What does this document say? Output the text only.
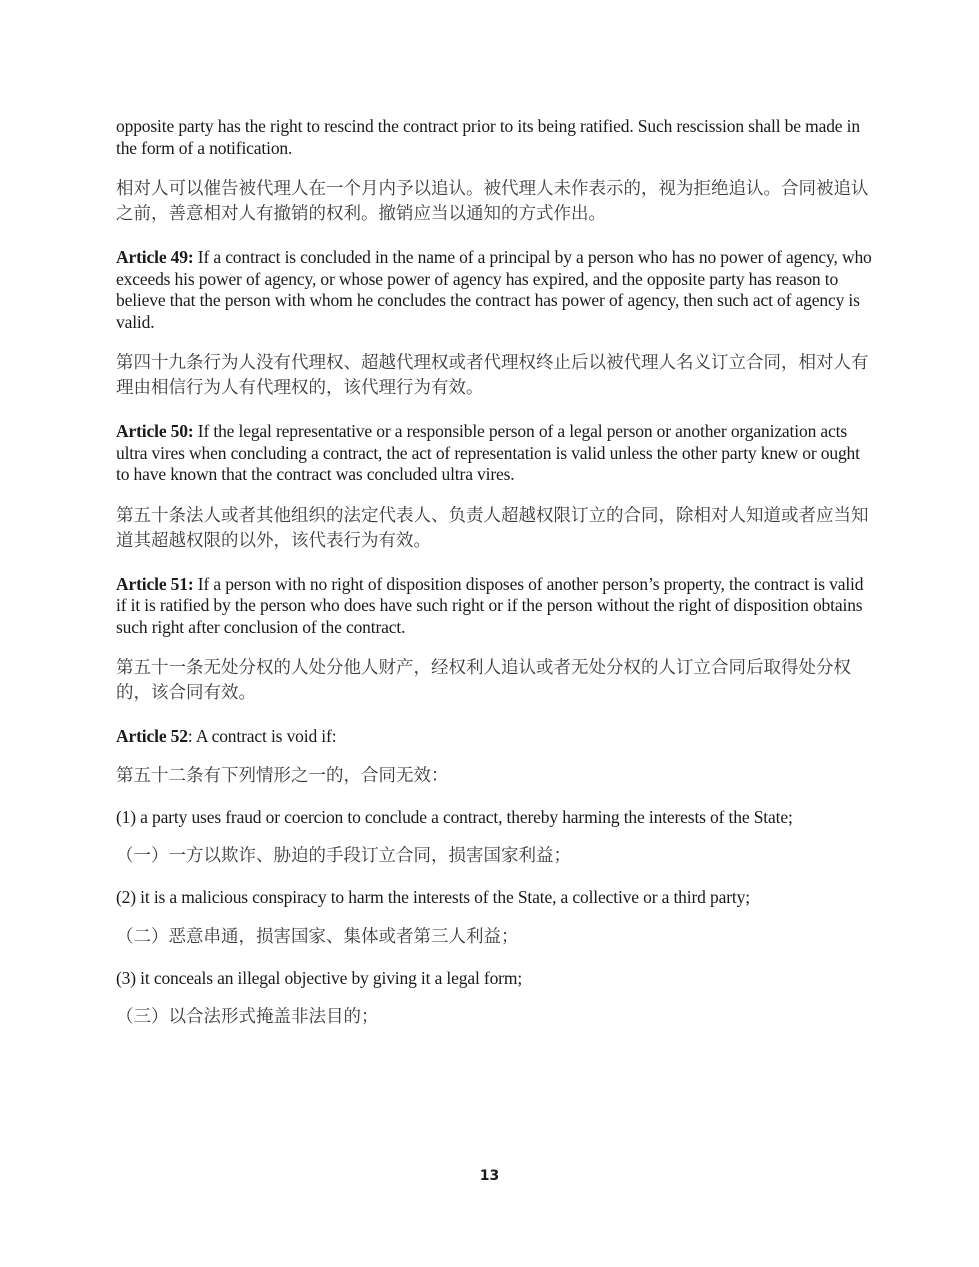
opposite party has the right to rescind the contract prior to its being ratified. Such rescission shall be made in the form of a notification.

相对人可以催告被代理人在一个月内予以追认。被代理人未作表示的，视为拒绝追认。合同被追认之前，善意相对人有撤销的权利。撤销应当以通知的方式作出。

Article 49: If a contract is concluded in the name of a principal by a person who has no power of agency, who exceeds his power of agency, or whose power of agency has expired, and the opposite party has reason to believe that the person with whom he concludes the contract has power of agency, then such act of agency is valid.

第四十九条行为人没有代理权、超越代理权或者代理权终止后以被代理人名义订立合同，相对人有理由相信行为人有代理权的，该代理行为有效。

Article 50: If the legal representative or a responsible person of a legal person or another organization acts ultra vires when concluding a contract, the act of representation is valid unless the other party knew or ought to have known that the contract was concluded ultra vires.

第五十条法人或者其他组织的法定代表人、负责人超越权限订立的合同，除相对人知道或者应当知道其超越权限的以外，该代表行为有效。

Article 51: If a person with no right of disposition disposes of another person’s property, the contract is valid if it is ratified by the person who does have such right or if the person without the right of disposition obtains such right after conclusion of the contract.

第五十一条无处分权的人处分他人财产，经权利人追认或者无处分权的人订立合同后取得处分权的，该合同有效。

Article 52: A contract is void if:

第五十二条有下列情形之一的，合同无效：

(1) a party uses fraud or coercion to conclude a contract, thereby harming the interests of the State;

（一）一方以欺诈、胁迫的手段订立合同，损害国家利益；

(2) it is a malicious conspiracy to harm the interests of the State, a collective or a third party;

（二）恶意串通，损害国家、集体或者第三人利益；

(3) it conceals an illegal objective by giving it a legal form;

（三）以合法形式掩盖非法目的；

13
